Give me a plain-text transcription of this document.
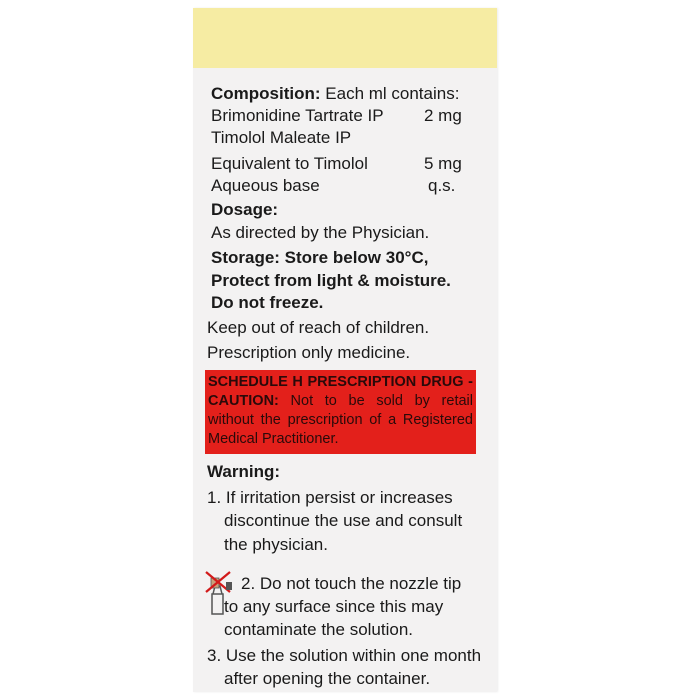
Composition: Each ml contains:
Brimonidine Tartrate IP 2 mg
Timolol Maleate IP
Equivalent to Timolol	5 mg
Aqueous base	q.s.
Dosage:
As directed by the Physician.
Storage: Store below 30°C,
Protect from light & moisture.
Do not freeze.
Keep out of reach of children.
Prescription only medicine.
SCHEDULE H PRESCRIPTION DRUG - CAUTION: Not to be sold by retail without the prescription of a Registered Medical Practitioner.
Warning:
1. If irritation persist or increases
discontinue the use and consult
the physician.
2. Do not touch the nozzle tip
to any surface since this may
contaminate the solution.
3. Use the solution within one month
after opening the container.
